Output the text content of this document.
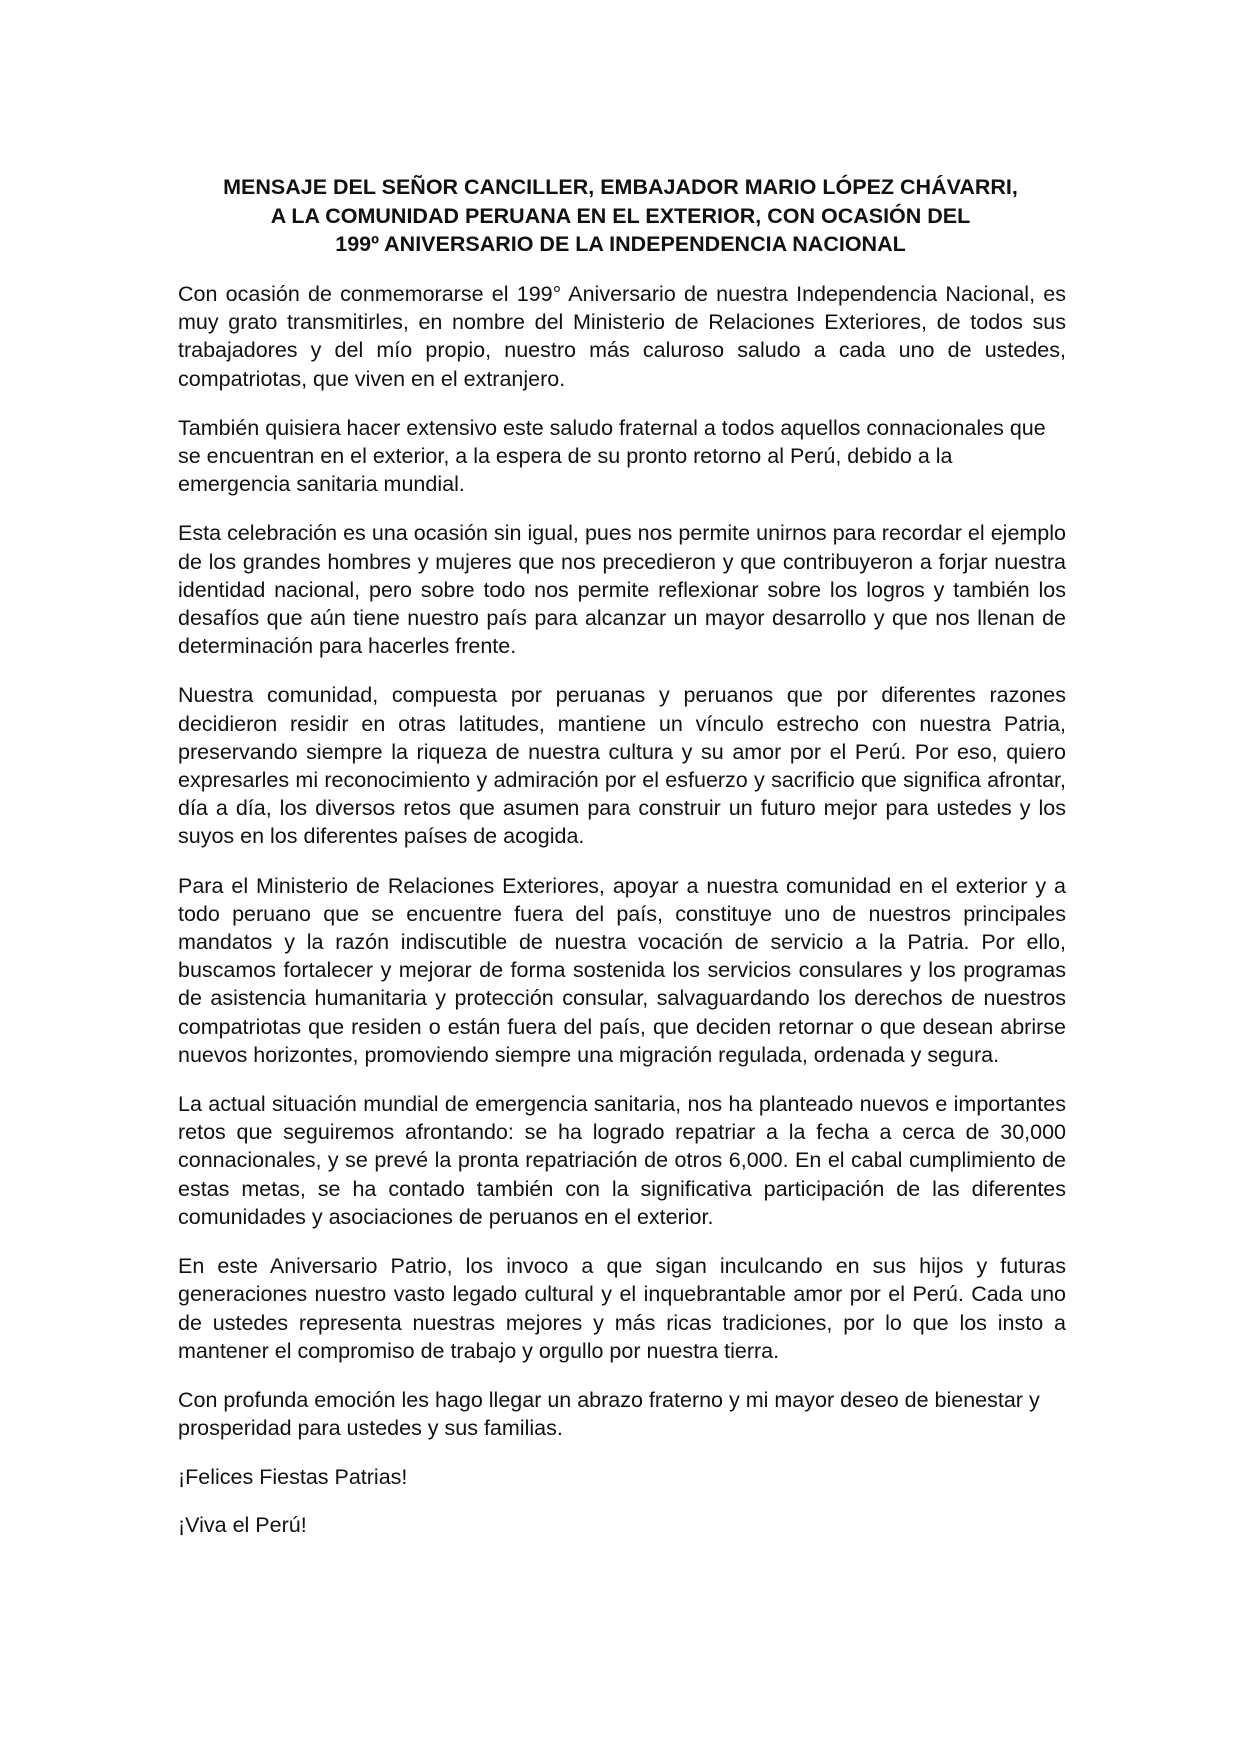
MENSAJE DEL SEÑOR CANCILLER, EMBAJADOR MARIO LÓPEZ CHÁVARRI,
A LA COMUNIDAD PERUANA EN EL EXTERIOR, CON OCASIÓN DEL
199º ANIVERSARIO DE LA INDEPENDENCIA NACIONAL

Con ocasión de conmemorarse el 199° Aniversario de nuestra Independencia Nacional, es muy grato transmitirles, en nombre del Ministerio de Relaciones Exteriores, de todos sus trabajadores y del mío propio, nuestro más caluroso saludo a cada uno de ustedes, compatriotas, que viven en el extranjero.

También quisiera hacer extensivo este saludo fraternal a todos aquellos connacionales que se encuentran en el exterior, a la espera de su pronto retorno al Perú, debido a la emergencia sanitaria mundial.

Esta celebración es una ocasión sin igual, pues nos permite unirnos para recordar el ejemplo de los grandes hombres y mujeres que nos precedieron y que contribuyeron a forjar nuestra identidad nacional, pero sobre todo nos permite reflexionar sobre los logros y también los desafíos que aún tiene nuestro país para alcanzar un mayor desarrollo y que nos llenan de determinación para hacerles frente.

Nuestra comunidad, compuesta por peruanas y peruanos que por diferentes razones decidieron residir en otras latitudes, mantiene un vínculo estrecho con nuestra Patria, preservando siempre la riqueza de nuestra cultura y su amor por el Perú. Por eso, quiero expresarles mi reconocimiento y admiración por el esfuerzo y sacrificio que significa afrontar, día a día, los diversos retos que asumen para construir un futuro mejor para ustedes y los suyos en los diferentes países de acogida.

Para el Ministerio de Relaciones Exteriores, apoyar a nuestra comunidad en el exterior y a todo peruano que se encuentre fuera del país, constituye uno de nuestros principales mandatos y la razón indiscutible de nuestra vocación de servicio a la Patria. Por ello, buscamos fortalecer y mejorar de forma sostenida los servicios consulares y los programas de asistencia humanitaria y protección consular, salvaguardando los derechos de nuestros compatriotas que residen o están fuera del país, que deciden retornar o que desean abrirse nuevos horizontes, promoviendo siempre una migración regulada, ordenada y segura.

La actual situación mundial de emergencia sanitaria, nos ha planteado nuevos e importantes retos que seguiremos afrontando: se ha logrado repatriar a la fecha a cerca de 30,000 connacionales, y se prevé la pronta repatriación de otros 6,000. En el cabal cumplimiento de estas metas, se ha contado también con la significativa participación de las diferentes comunidades y asociaciones de peruanos en el exterior.

En este Aniversario Patrio, los invoco a que sigan inculcando en sus hijos y futuras generaciones nuestro vasto legado cultural y el inquebrantable amor por el Perú. Cada uno de ustedes representa nuestras mejores y más ricas tradiciones, por lo que los insto a mantener el compromiso de trabajo y orgullo por nuestra tierra.

Con profunda emoción les hago llegar un abrazo fraterno y mi mayor deseo de bienestar y prosperidad para ustedes y sus familias.

¡Felices Fiestas Patrias!

¡Viva el Perú!
